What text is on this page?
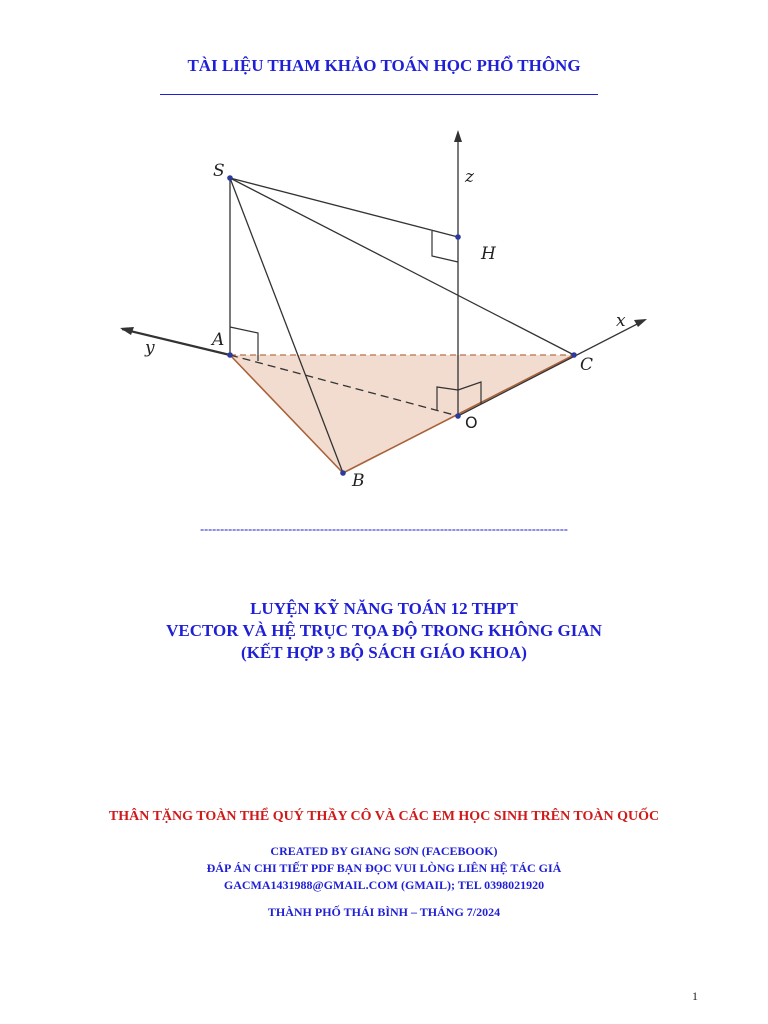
TÀI LIỆU THAM KHẢO TOÁN HỌC PHỔ THÔNG
S	z
H
x
y	A
C
O
B
--------------------------------------------------------------------------------------------
LUYỆN KỸ NĂNG TOÁN 12 THPT
VECTOR VÀ HỆ TRỤC TỌA ĐỘ TRONG KHÔNG GIAN
(KẾT HỢP 3 BỘ SÁCH GIÁO KHOA)
THÂN TẶNG TOÀN THỂ QUÝ THẦY CÔ VÀ CÁC EM HỌC SINH TRÊN TOÀN QUỐC
CREATED BY GIANG SƠN (FACEBOOK)
ĐÁP ÁN CHI TIẾT PDF BẠN ĐỌC VUI LÒNG LIÊN HỆ TÁC GIẢ
GACMA1431988@GMAIL.COM (GMAIL); TEL 0398021920
THÀNH PHỐ THÁI BÌNH – THÁNG 7/2024
1
